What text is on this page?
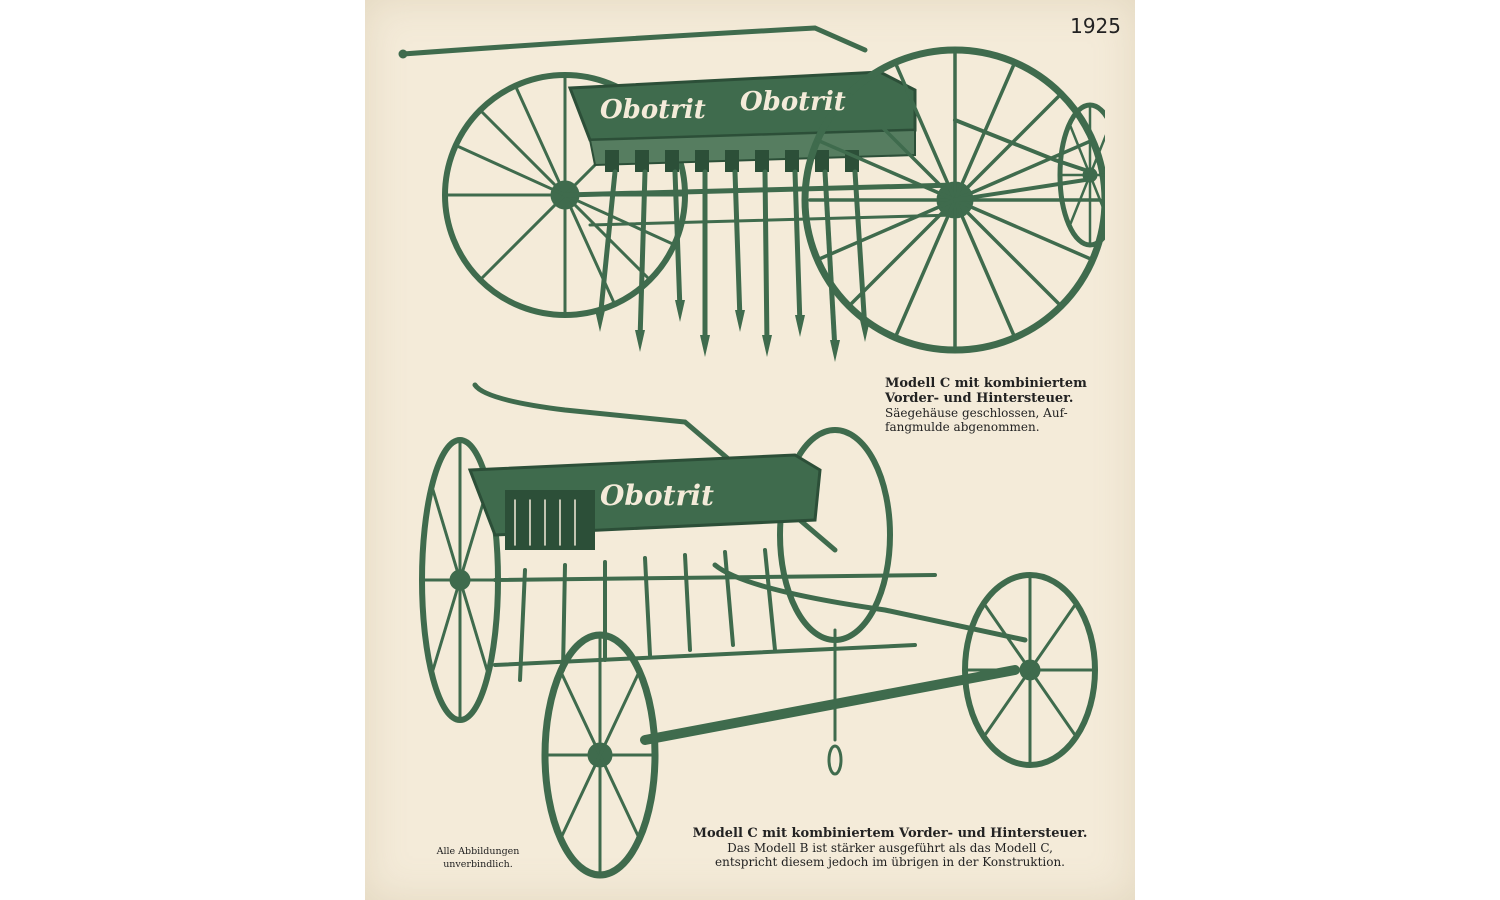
1925
Obotrit Obotrit
Modell C mit kombiniertem
Vorder- und Hintersteuer.
Säegehäuse geschlossen, Auf-
fangmulde abgenommen.
Obotrit
Alle Abbildungen
unverbindlich.
Modell C mit kombiniertem Vorder- und Hintersteuer.
Das Modell B ist stärker ausgeführt als das Modell C,
entspricht diesem jedoch im übrigen in der Konstruktion.
